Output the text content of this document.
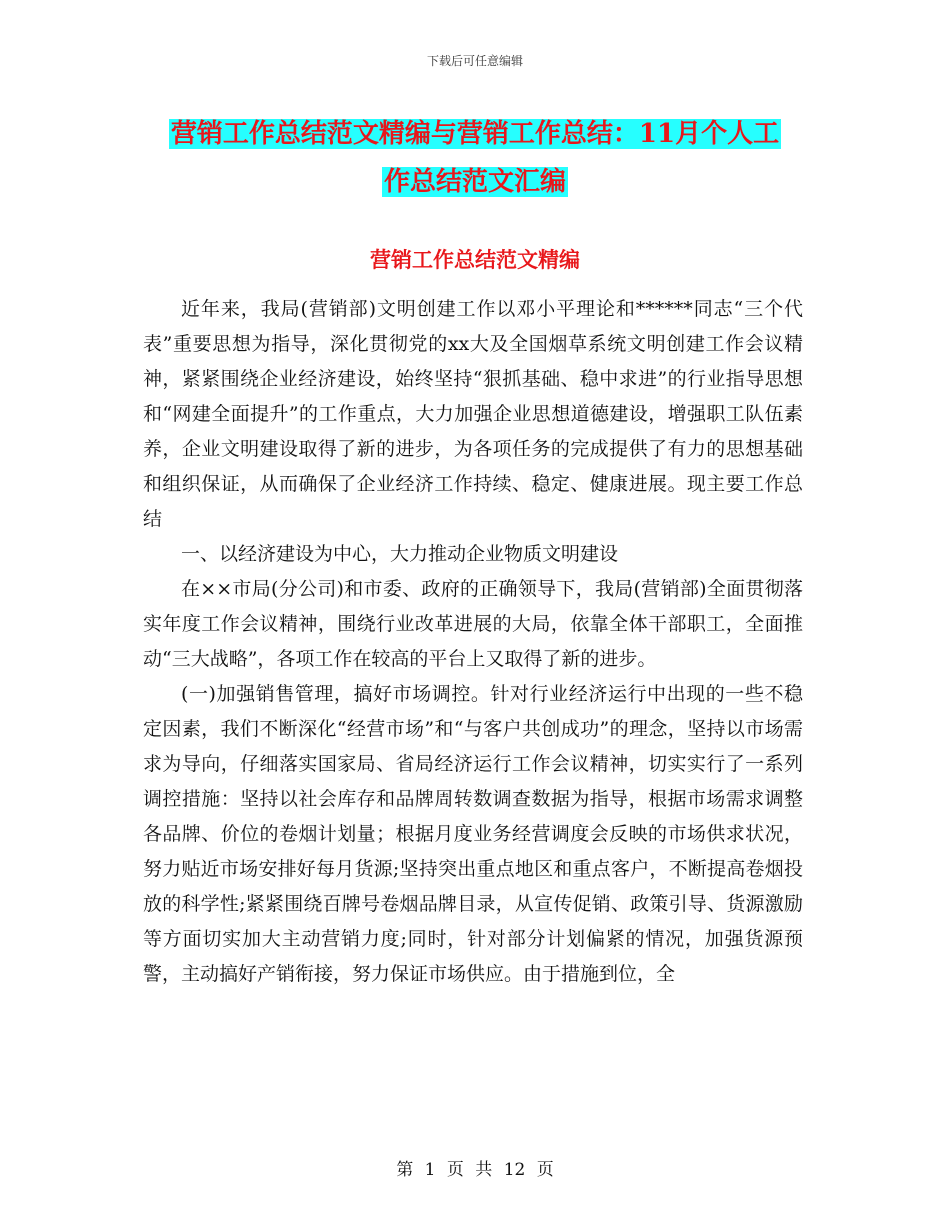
下载后可任意编辑
营销工作总结范文精编与营销工作总结：11月个人工
作总结范文汇编
营销工作总结范文精编

近年来，我局(营销部)文明创建工作以邓小平理论和******同志“三个代表”重要思想为指导，深化贯彻党的xx大及全国烟草系统文明创建工作会议精神，紧紧围绕企业经济建设，始终坚持“狠抓基础、稳中求进”的行业指导思想和“网建全面提升”的工作重点，大力加强企业思想道德建设，增强职工队伍素养，企业文明建设取得了新的进步，为各项任务的完成提供了有力的思想基础和组织保证，从而确保了企业经济工作持续、稳定、健康进展。现主要工作总结

一、以经济建设为中心，大力推动企业物质文明建设

在××市局(分公司)和市委、政府的正确领导下，我局(营销部)全面贯彻落实年度工作会议精神，围绕行业改革进展的大局，依靠全体干部职工，全面推动“三大战略”，各项工作在较高的平台上又取得了新的进步。

(一)加强销售管理，搞好市场调控。针对行业经济运行中出现的一些不稳定因素，我们不断深化“经营市场”和“与客户共创成功”的理念，坚持以市场需求为导向，仔细落实国家局、省局经济运行工作会议精神，切实实行了一系列调控措施：坚持以社会库存和品牌周转数调查数据为指导，根据市场需求调整各品牌、价位的卷烟计划量；根据月度业务经营调度会反映的市场供求状况，努力贴近市场安排好每月货源;坚持突出重点地区和重点客户，不断提高卷烟投放的科学性;紧紧围绕百牌号卷烟品牌目录，从宣传促销、政策引导、货源激励等方面切实加大主动营销力度;同时，针对部分计划偏紧的情况，加强货源预警，主动搞好产销衔接，努力保证市场供应。由于措施到位，全

第 1 页 共 12 页
